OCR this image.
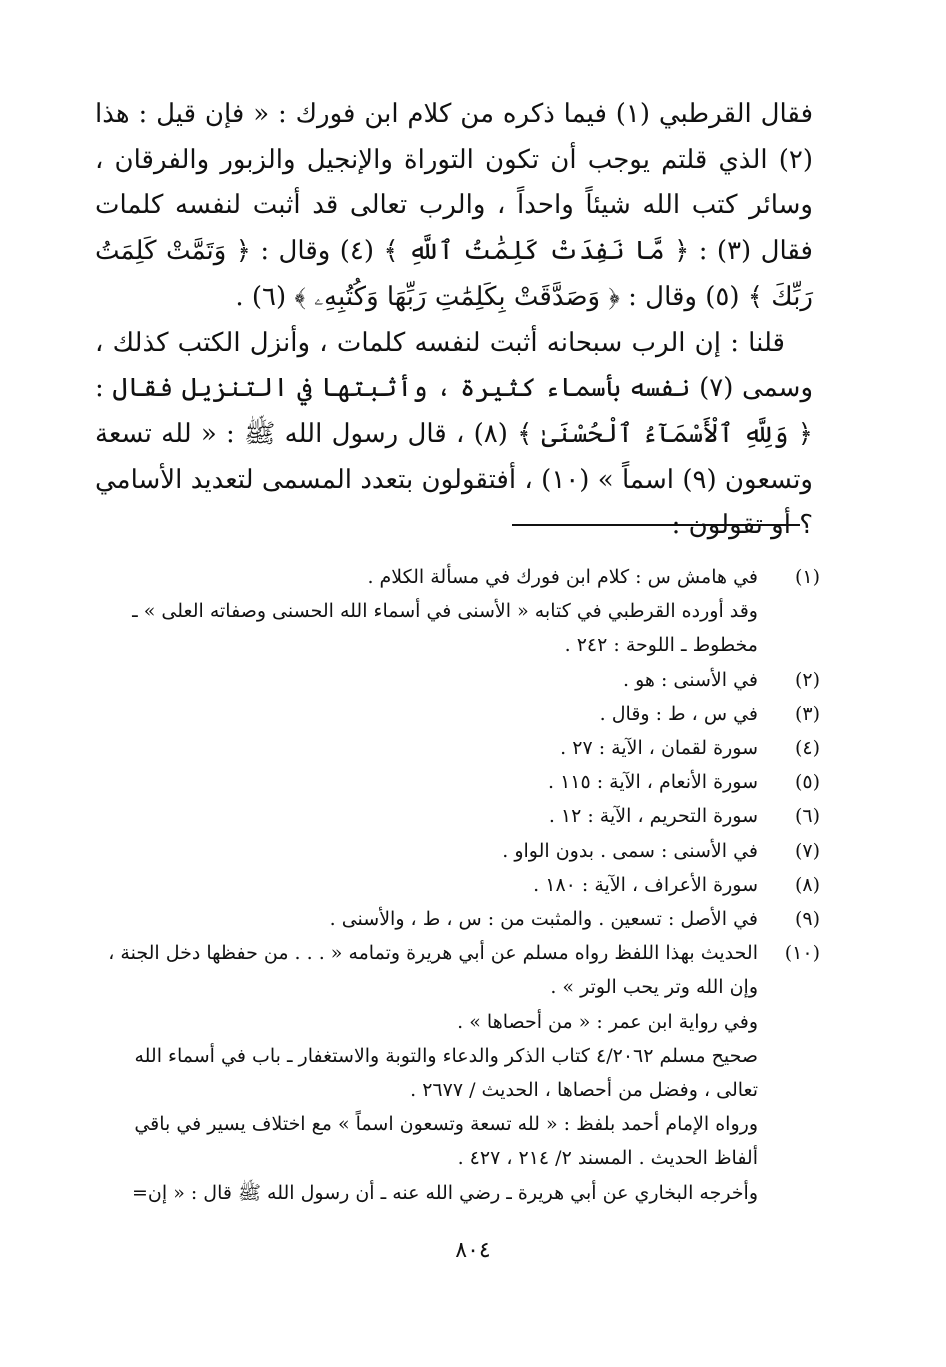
فقال القرطبي (١) فيما ذكره من كلام ابن فورك : « فإن قيل : هذا (٢) الذي قلتم يوجب أن تكون التوراة والإنجيل والزبور والفرقان ، وسائر كتب الله شيئاً واحداً ، والرب تعالى قد أثبت لنفسه كلمات فقال (٣) : ﴿ مَّا نَفِدَتْ كَلِمَٰتُ ٱللَّهِ ﴾ (٤) وقال : ﴿ وَتَمَّتْ كَلِمَتُ رَبِّكَ ﴾ (٥) وقال : ﴿ وَصَدَّقَتْ بِكَلِمَٰتِ رَبِّهَا وَكُتُبِهِۦ ﴾ (٦) .

قلنا : إن الرب سبحانه أثبت لنفسه كلمات ، وأنزل الكتب كذلك ، وسمى (٧) نفسه بأسماء كثيرة ، وأثبتها في التنزيل فقال : ﴿ وَلِلَّهِ ٱلْأَسْمَآءُ ٱلْحُسْنَىٰ ﴾ (٨) ، قال رسول الله ﷺ : « لله تسعة وتسعون (٩) اسماً » (١٠) ، أفتقولون بتعدد المسمى لتعديد الأسامي ؟ أو تقولون :

(١)
في هامش س : كلام ابن فورك في مسألة الكلام .
وقد أورده القرطبي في كتابه « الأسنى في أسماء الله الحسنى وصفاته العلى » ـ مخطوط ـ اللوحة : ٢٤٢ .
(٢)
في الأسنى : هو .
(٣)
في س ، ط : وقال .
(٤)
سورة لقمان ، الآية : ٢٧ .
(٥)
سورة الأنعام ، الآية : ١١٥ .
(٦)
سورة التحريم ، الآية : ١٢ .
(٧)
في الأسنى : سمى . بدون الواو .
(٨)
سورة الأعراف ، الآية : ١٨٠ .
(٩)
في الأصل : تسعين . والمثبت من : س ، ط ، والأسنى .
(١٠)
الحديث بهذا اللفظ رواه مسلم عن أبي هريرة وتمامه « . . . من حفظها دخل الجنة ، وإن الله وتر يحب الوتر » .
وفي رواية ابن عمر : « من أحصاها » .
صحيح مسلم ٤/٢٠٦٢ كتاب الذكر والدعاء والتوبة والاستغفار ـ باب في أسماء الله تعالى ، وفضل من أحصاها ، الحديث / ٢٦٧٧ .
ورواه الإمام أحمد بلفظ : « لله تسعة وتسعون اسماً » مع اختلاف يسير في باقي ألفاظ الحديث . المسند ٢/ ٢١٤ ، ٤٢٧ .
وأخرجه البخاري عن أبي هريرة ـ رضي الله عنه ـ أن رسول الله ﷺ قال : « إن=
٨٠٤
